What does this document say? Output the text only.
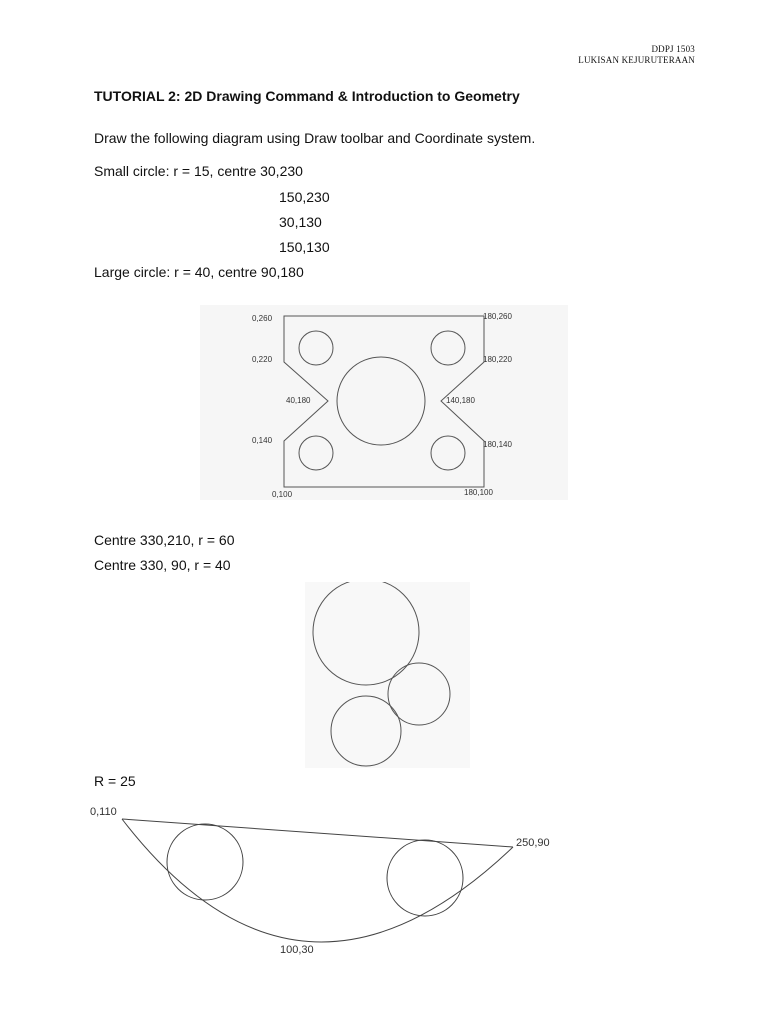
DDPJ 1503
LUKISAN KEJURUTERAAN
TUTORIAL 2: 2D Drawing Command & Introduction to Geometry
Draw the following diagram using Draw toolbar and Coordinate system.
Small circle: r = 15, centre 30,230
150,230
30,130
150,130
Large circle: r = 40, centre 90,180
0,260	180,260
0,220	180,220
40,180	140,180
0,140	180,140
0,100	180,100
Centre 330,210, r = 60
Centre 330, 90, r = 40
R = 25
0,110
250,90
100,30
